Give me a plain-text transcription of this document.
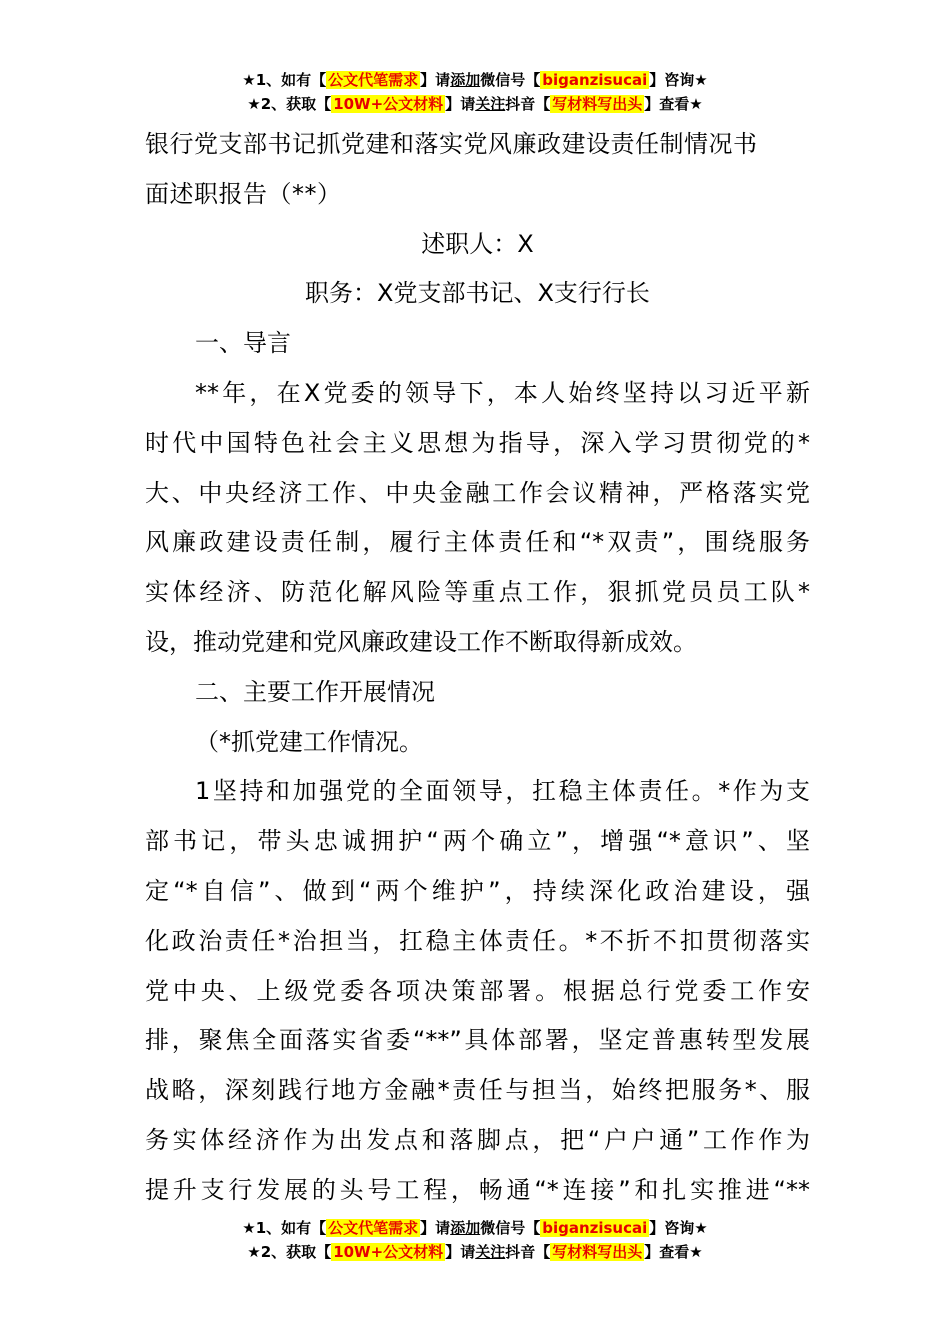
★1、如有【 公文代笔需求 】请添加微信号【 biganzisucai 】咨询★
★2、获取【 10W+公文材料 】请关注抖音【 写材料写出头 】查看★
银行党支部书记抓党建和落实党风廉政建设责任制情况书
面述职报告（**）
述职人：X
职务：X党支部书记、X支行行长
一、导言
**年，在X党委的领导下，本人始终坚持以习近平新
时代中国特色社会主义思想为指导，深入学习贯彻党的*
大、中央经济工作、中央金融工作会议精神，严格落实党
风廉政建设责任制，履行主体责任和“*双责”，围绕服务
实体经济、防范化解风险等重点工作，狠抓党员员工队*
设，推动党建和党风廉政建设工作不断取得新成效。
二、主要工作开展情况
（*抓党建工作情况。
1坚持和加强党的全面领导，扛稳主体责任。*作为支
部书记，带头忠诚拥护“两个确立”，增强“*意识”、坚
定“*自信”、做到“两个维护”，持续深化政治建设，强
化政治责任*治担当，扛稳主体责任。*不折不扣贯彻落实
党中央、上级党委各项决策部署。根据总行党委工作安
排，聚焦全面落实省委“**”具体部署，坚定普惠转型发展
战略，深刻践行地方金融*责任与担当，始终把服务*、服
务实体经济作为出发点和落脚点，把“户户通”工作作为
提升支行发展的头号工程，畅通“*连接”和扎实推进“**
★1、如有【 公文代笔需求 】请添加微信号【 biganzisucai 】咨询★
★2、获取【 10W+公文材料 】请关注抖音【 写材料写出头 】查看★
